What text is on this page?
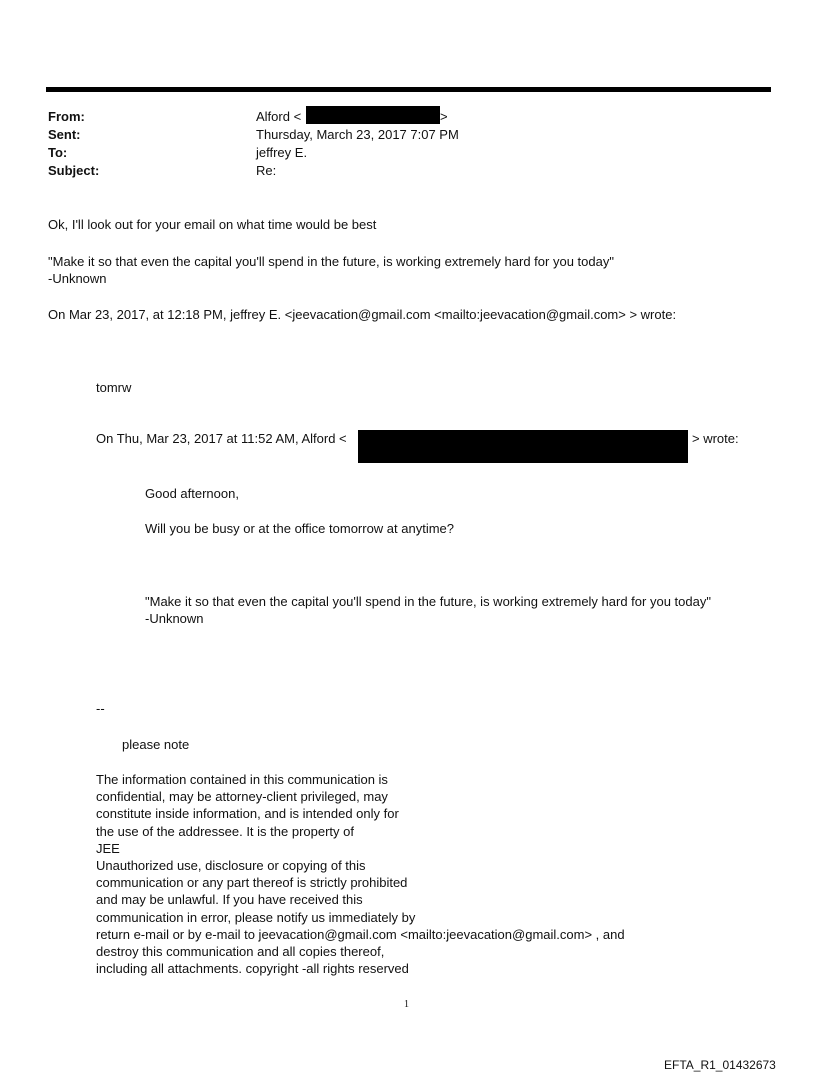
From:
Sent:
To:
Subject:
Alford <	>
Thursday, March 23, 2017 7:07 PM
jeffrey E.
Re:
Ok, I'll look out for your email on what time would be best
"Make it so that even the capital you'll spend in the future, is working extremely hard for you today"
-Unknown
On Mar 23, 2017, at 12:18 PM, jeffrey E. <jeevacation@gmail.com <mailto:jeevacation@gmail.com> > wrote:
tomrw
On Thu, Mar 23, 2017 at 11:52 AM, Alford <	> wrote:
Good afternoon,
Will you be busy or at the office tomorrow at anytime?
"Make it so that even the capital you'll spend in the future, is working extremely hard for you today"
-Unknown
--
please note
The information contained in this communication is
confidential, may be attorney-client privileged, may
constitute inside information, and is intended only for
the use of the addressee. It is the property of
JEE
Unauthorized use, disclosure or copying of this
communication or any part thereof is strictly prohibited
and may be unlawful. If you have received this
communication in error, please notify us immediately by
return e-mail or by e-mail to jeevacation@gmail.com <mailto:jeevacation@gmail.com> , and
destroy this communication and all copies thereof,
including all attachments. copyright -all rights reserved
1
EFTA_R1_01432673
